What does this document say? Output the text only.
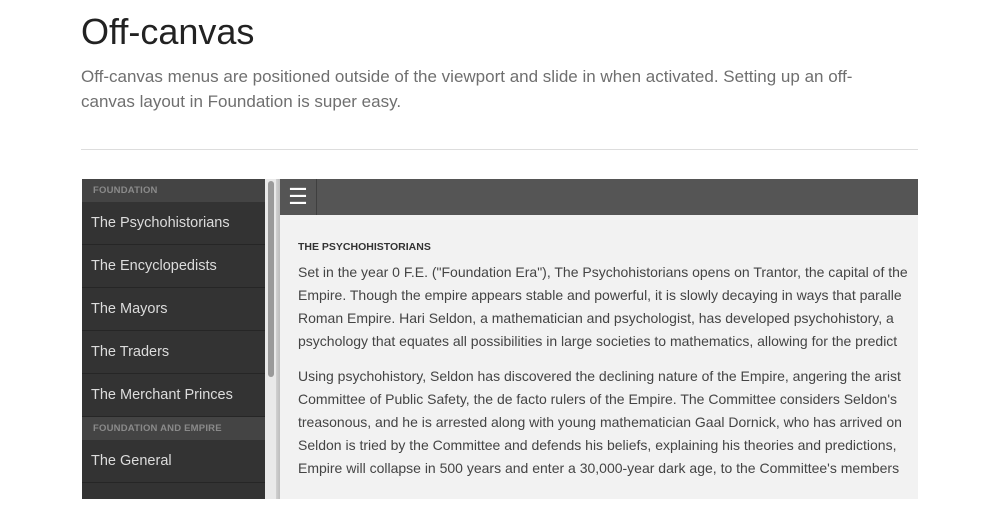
Off-canvas

Off-canvas menus are positioned outside of the viewport and slide in when activated. Setting up an off-canvas layout in Foundation is super easy.

FOUNDATION
The Psychohistorians
The Encyclopedists
The Mayors
The Traders
The Merchant Princes
FOUNDATION AND EMPIRE
The General
☰
THE PSYCHOHISTORIANS

Set in the year 0 F.E. ("Foundation Era"), The Psychohistorians opens on Trantor, the capital of the
Empire. Though the empire appears stable and powerful, it is slowly decaying in ways that paralle
Roman Empire. Hari Seldon, a mathematician and psychologist, has developed psychohistory, a
psychology that equates all possibilities in large societies to mathematics, allowing for the predict

Using psychohistory, Seldon has discovered the declining nature of the Empire, angering the arist
Committee of Public Safety, the de facto rulers of the Empire. The Committee considers Seldon's
treasonous, and he is arrested along with young mathematician Gaal Dornick, who has arrived on
Seldon is tried by the Committee and defends his beliefs, explaining his theories and predictions,
Empire will collapse in 500 years and enter a 30,000-year dark age, to the Committee's members
